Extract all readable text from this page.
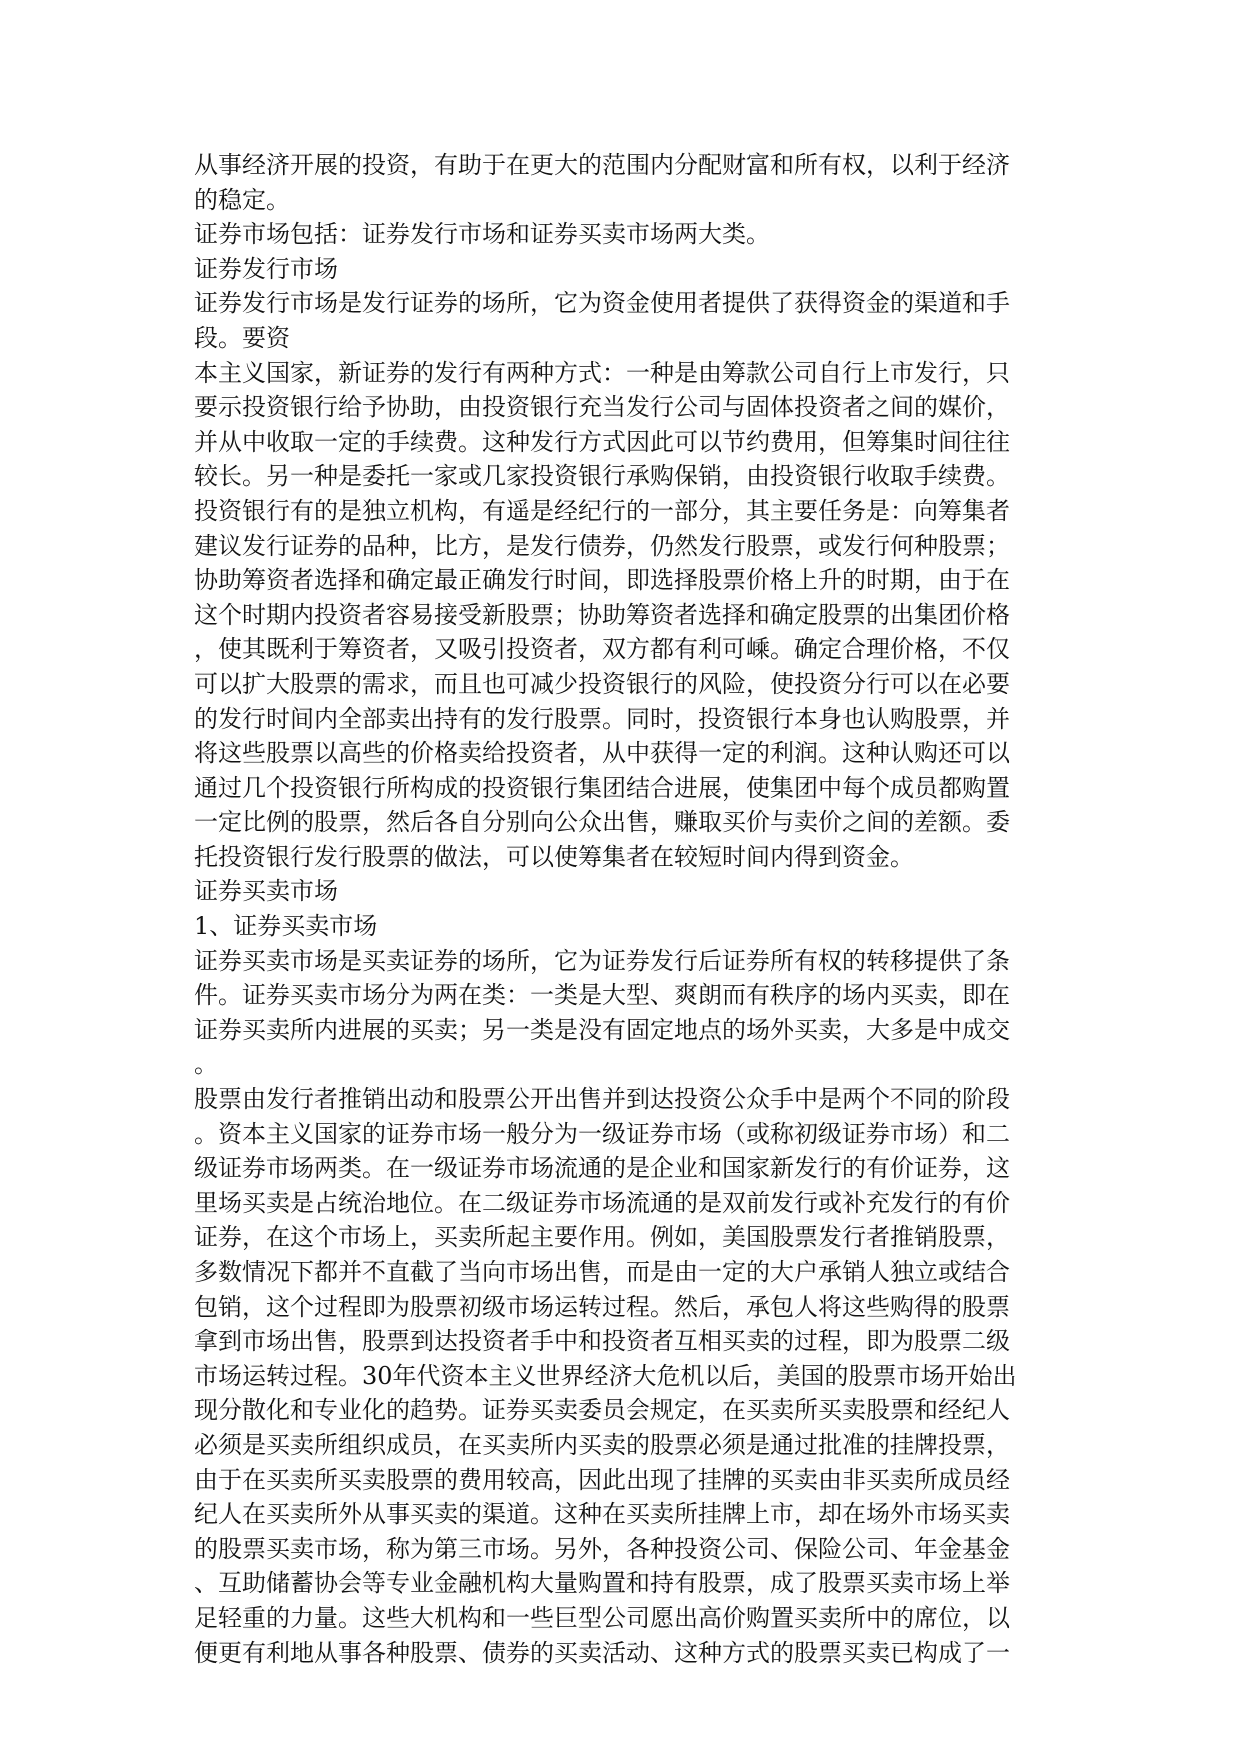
从事经济开展的投资，有助于在更大的范围内分配财富和所有权，以利于经济
的稳定。

证券市场包括：证券发行市场和证券买卖市场两大类。

证券发行市场

证券发行市场是发行证券的场所，它为资金使用者提供了获得资金的渠道和手
段。要资

本主义国家，新证券的发行有两种方式：一种是由筹款公司自行上市发行，只
要示投资银行给予协助，由投资银行充当发行公司与固体投资者之间的媒价，
并从中收取一定的手续费。这种发行方式因此可以节约费用，但筹集时间往往
较长。另一种是委托一家或几家投资银行承购保销，由投资银行收取手续费。
投资银行有的是独立机构，有遥是经纪行的一部分，其主要任务是：向筹集者
建议发行证券的品种，比方，是发行债券，仍然发行股票，或发行何种股票；
协助筹资者选择和确定最正确发行时间，即选择股票价格上升的时期，由于在
这个时期内投资者容易接受新股票；协助筹资者选择和确定股票的出集团价格
，使其既利于筹资者，又吸引投资者，双方都有利可嵊。确定合理价格，不仅
可以扩大股票的需求，而且也可减少投资银行的风险，使投资分行可以在必要
的发行时间内全部卖出持有的发行股票。同时，投资银行本身也认购股票，并
将这些股票以高些的价格卖给投资者，从中获得一定的利润。这种认购还可以
通过几个投资银行所构成的投资银行集团结合进展，使集团中每个成员都购置
一定比例的股票，然后各自分别向公众出售，赚取买价与卖价之间的差额。委
托投资银行发行股票的做法，可以使筹集者在较短时间内得到资金。

证券买卖市场

1、证券买卖市场

证券买卖市场是买卖证券的场所，它为证券发行后证券所有权的转移提供了条
件。证券买卖市场分为两在类：一类是大型、爽朗而有秩序的场内买卖，即在
证券买卖所内进展的买卖；另一类是没有固定地点的场外买卖，大多是中成交
。

股票由发行者推销出动和股票公开出售并到达投资公众手中是两个不同的阶段
。资本主义国家的证券市场一般分为一级证券市场（或称初级证券市场）和二
级证券市场两类。在一级证券市场流通的是企业和国家新发行的有价证券，这
里场买卖是占统治地位。在二级证券市场流通的是双前发行或补充发行的有价
证券，在这个市场上，买卖所起主要作用。例如，美国股票发行者推销股票，
多数情况下都并不直截了当向市场出售，而是由一定的大户承销人独立或结合
包销，这个过程即为股票初级市场运转过程。然后，承包人将这些购得的股票
拿到市场出售，股票到达投资者手中和投资者互相买卖的过程，即为股票二级
市场运转过程。30年代资本主义世界经济大危机以后，美国的股票市场开始出
现分散化和专业化的趋势。证券买卖委员会规定，在买卖所买卖股票和经纪人
必须是买卖所组织成员，在买卖所内买卖的股票必须是通过批准的挂牌投票，
由于在买卖所买卖股票的费用较高，因此出现了挂牌的买卖由非买卖所成员经
纪人在买卖所外从事买卖的渠道。这种在买卖所挂牌上市，却在场外市场买卖
的股票买卖市场，称为第三市场。另外，各种投资公司、保险公司、年金基金
、互助储蓄协会等专业金融机构大量购置和持有股票，成了股票买卖市场上举
足轻重的力量。这些大机构和一些巨型公司愿出高价购置买卖所中的席位，以
便更有利地从事各种股票、债券的买卖活动、这种方式的股票买卖已构成了一
